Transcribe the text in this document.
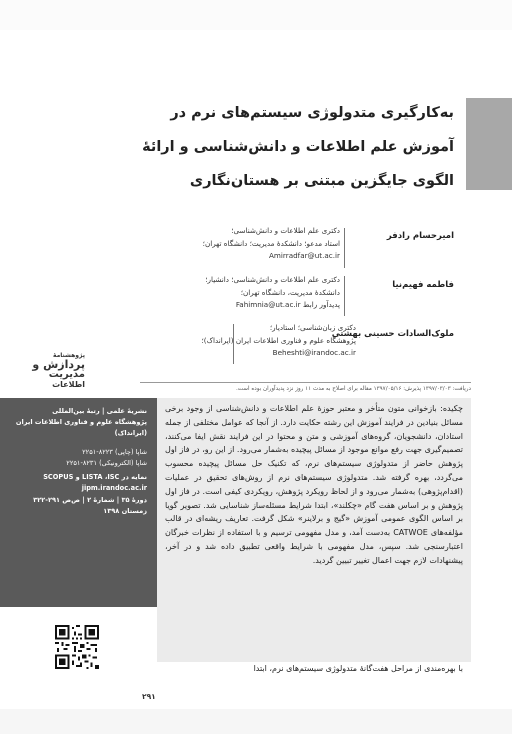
به‌کارگیری متدولوژی سیستم‌های نرم در
آموزش علم اطلاعات و دانش‌شناسی و ارائۀ
الگوی جایگزین مبتنی بر هستان‌نگاری
امیرحسام رادفر
دکتری علم اطلاعات و دانش‌شناسی؛
استاد مدعو؛ دانشکدۀ مدیریت؛ دانشگاه تهران؛
Amirradfar@ut.ac.ir
فاطمه فهیم‌نیا
دکتری علم اطلاعات و دانش‌شناسی؛ دانشیار؛
دانشکدۀ مدیریت، دانشگاه تهران؛
پدیدآور رابط Fahimnia@ut.ac.ir
ملوک‌السادات حسینی بهشتی
دکتری زبان‌شناسی؛ استادیار؛
پژوهشگاه علوم و فناوری اطلاعات ایران (ایرانداک)؛
Beheshti@irandoc.ac.ir
پژوهشنامۀ
پردازش و
مدیریت
اطلاعات	دریافت: ۱۳۹۷/۰۳/۰۳ پذیرش: ۱۳۹۷/۰۵/۱۶ مقاله برای اصلاح به مدت ۱۱ روز نزد پدیدآوران بوده است.
نشریۀ علمی | رتبۀ بین‌المللی
پژوهشگاه علوم و فناوری اطلاعات ایران
(ایرانداک)
شاپا (چاپی) ۸۲۲۳-۲۲۵۱
شاپا (الکترونیکی) ۸۲۳۱-۲۲۵۱
نمایه در LISTA ،ISC و SCOPUS
jipm.irandoc.ac.ir
دورۀ ۳۵ | شمارۀ ۲ | ص‌ص ۲۹۱-۳۲۲
زمستان ۱۳۹۸
چکیده: بازخوانی متون متأخر و معتبر حوزۀ علم اطلاعات و دانش‌شناسی از وجود برخی مسائل بنیادین در فرایند آموزش این رشته حکایت دارد. از آنجا که عوامل مختلفی از جمله استادان، دانشجویان، گروه‌های آموزشی و متن و محتوا در این فرایند نقش ایفا می‌کنند، تصمیم‌گیری جهت رفع موانع موجود از مسائل پیچیده به‌شمار می‌رود. از این رو، در فاز اول پژوهش حاضر از متدولوژی سیستم‌های نرم، که تکنیک حل مسائل پیچیده محسوب می‌گردد، بهره گرفته شد. متدولوژی سیستم‌های نرم از روش‌های تحقیق در عملیات (اقدام‌پژوهی) به‌شمار می‌رود و از لحاظ رویکرد پژوهش، رویکردی کیفی است. در فاز اول پژوهش و بر اساس هفت گام «چکلند»، ابتدا شرایط مسئله‌ساز شناسایی شد. تصویر گویا بر اساس الگوی عمومی آموزش «گیج و برلاینر» شکل گرفت. تعاریف ریشه‌ای در قالب مؤلفه‌های CATWOE به‌دست آمد، و مدل مفهومی ترسیم و با استفاده از نظرات خبرگان اعتبارسنجی شد. سپس، مدل مفهومی با شرایط واقعی تطبیق داده شد و در آخر، پیشنهادات لازم جهت اعمال تغییر تبیین گردید.
با بهره‌مندی از مراحل هفت‌گانۀ متدولوژی سیستم‌های نرم، ابتدا
۲۹۱
